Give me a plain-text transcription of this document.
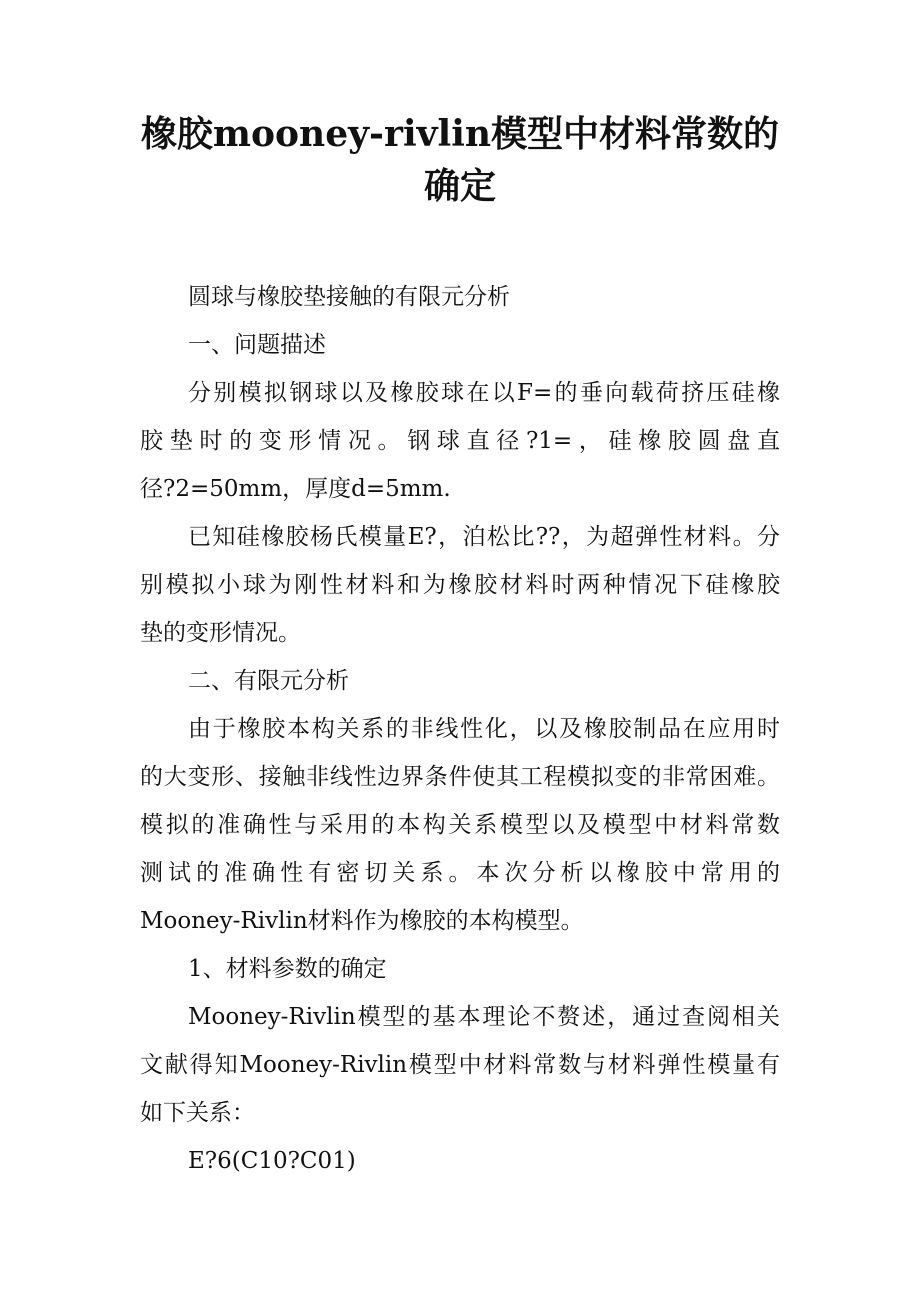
橡胶mooney-rivlin模型中材料常数的
确定
圆球与橡胶垫接触的有限元分析
一、问题描述
分别模拟钢球以及橡胶球在以F=的垂向载荷挤压硅橡
胶垫时的变形情况。钢球直径?1=，硅橡胶圆盘直
径?2=50mm，厚度d=5mm.
已知硅橡胶杨氏模量E?，泊松比??，为超弹性材料。分
别模拟小球为刚性材料和为橡胶材料时两种情况下硅橡胶
垫的变形情况。
二、有限元分析
由于橡胶本构关系的非线性化，以及橡胶制品在应用时
的大变形、接触非线性边界条件使其工程模拟变的非常困难。
模拟的准确性与采用的本构关系模型以及模型中材料常数
测试的准确性有密切关系。本次分析以橡胶中常用的
Mooney-Rivlin材料作为橡胶的本构模型。
1、材料参数的确定
Mooney-Rivlin模型的基本理论不赘述，通过查阅相关
文献得知Mooney-Rivlin模型中材料常数与材料弹性模量有
如下关系：
E?6(C10?C01)
